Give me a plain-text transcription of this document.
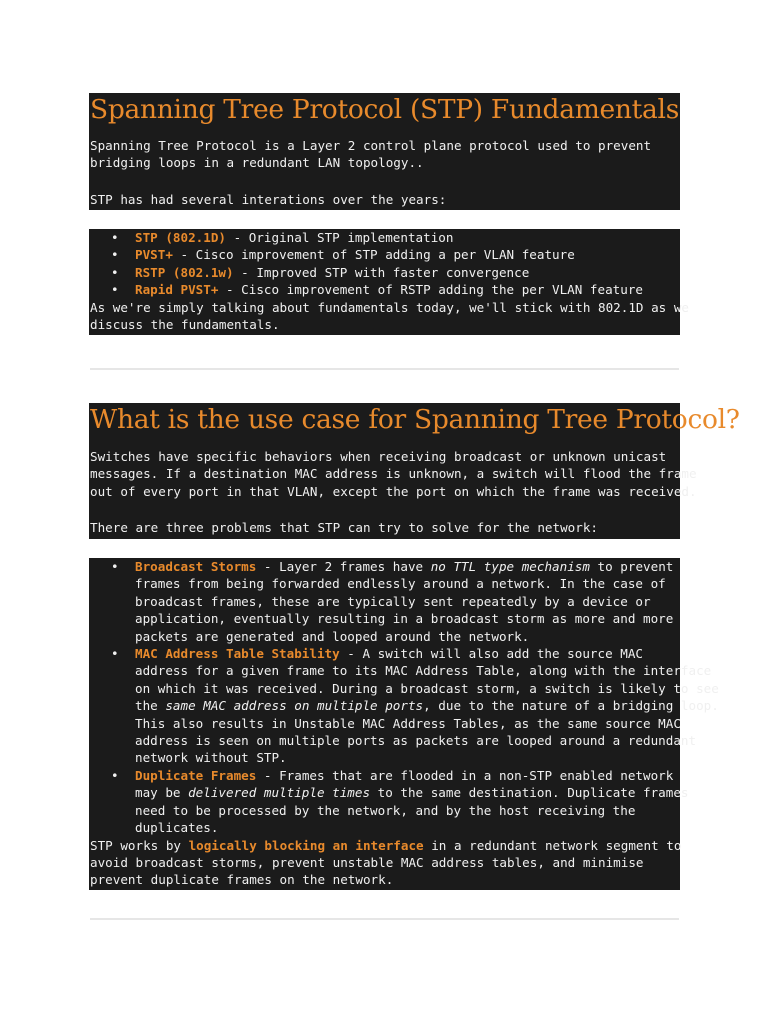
Spanning Tree Protocol (STP) Fundamentals
Spanning Tree Protocol is a Layer 2 control plane protocol used to prevent
bridging loops in a redundant LAN topology..
STP has had several interations over the years:
• STP (802.1D) - Original STP implementation
• PVST+ - Cisco improvement of STP adding a per VLAN feature
• RSTP (802.1w) - Improved STP with faster convergence
• Rapid PVST+ - Cisco improvement of RSTP adding the per VLAN feature
As we're simply talking about fundamentals today, we'll stick with 802.1D as we
discuss the fundamentals.
What is the use case for Spanning Tree Protocol?
Switches have specific behaviors when receiving broadcast or unknown unicast
messages. If a destination MAC address is unknown, a switch will flood the frame
out of every port in that VLAN, except the port on which the frame was received.
There are three problems that STP can try to solve for the network:
• Broadcast Storms - Layer 2 frames have no TTL type mechanism to prevent
frames from being forwarded endlessly around a network. In the case of
broadcast frames, these are typically sent repeatedly by a device or
application, eventually resulting in a broadcast storm as more and more
packets are generated and looped around the network.
• MAC Address Table Stability - A switch will also add the source MAC
address for a given frame to its MAC Address Table, along with the interface
on which it was received. During a broadcast storm, a switch is likely to see
the same MAC address on multiple ports, due to the nature of a bridging loop.
This also results in Unstable MAC Address Tables, as the same source MAC
address is seen on multiple ports as packets are looped around a redundant
network without STP.
• Duplicate Frames - Frames that are flooded in a non-STP enabled network
may be delivered multiple times to the same destination. Duplicate frames
need to be processed by the network, and by the host receiving the
duplicates.
STP works by logically blocking an interface in a redundant network segment to
avoid broadcast storms, prevent unstable MAC address tables, and minimise
prevent duplicate frames on the network.
